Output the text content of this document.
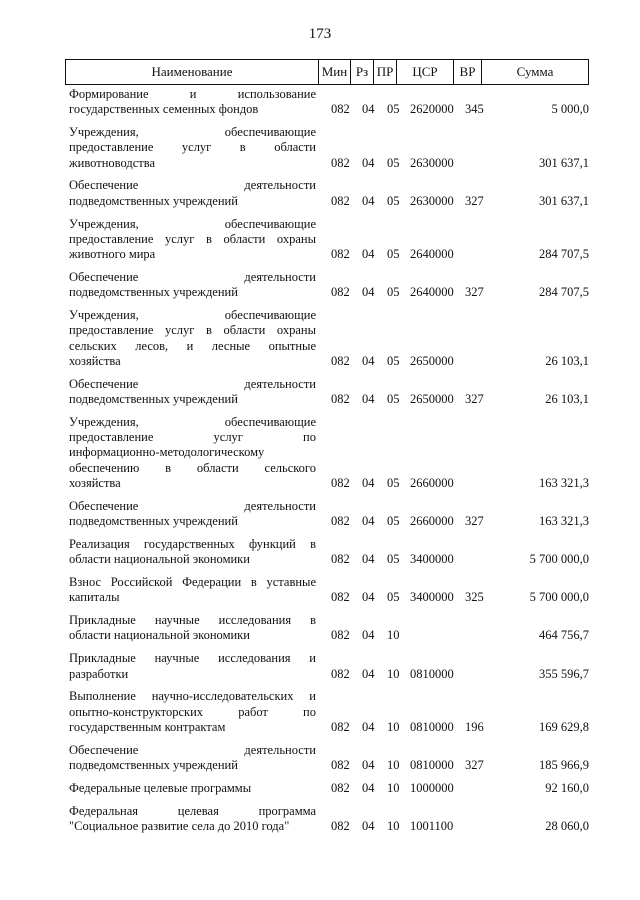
173
Наименование	Мин Рз ПР	ЦСР	ВР	Сумма
Формирование и использование
государственных семенных фондов	082 04 05 2620000 345	5 000,0
Учреждения, обеспечивающие
предоставление услуг в области
животноводства	082 04 05 2630000	301 637,1
Обеспечение деятельности
подведомственных учреждений	082 04 05 2630000 327	301 637,1
Учреждения, обеспечивающие
предоставление услуг в области охраны
животного мира	082 04 05 2640000	284 707,5
Обеспечение деятельности
подведомственных учреждений	082 04 05 2640000 327	284 707,5
Учреждения, обеспечивающие
предоставление услуг в области охраны
сельских лесов, и лесные опытные
хозяйства	082 04 05 2650000	26 103,1
Обеспечение деятельности
подведомственных учреждений	082 04 05 2650000 327	26 103,1
Учреждения, обеспечивающие
предоставление услуг по
информационно-методологическому
обеспечению в области сельского
хозяйства	082 04 05 2660000	163 321,3
Обеспечение деятельности
подведомственных учреждений	082 04 05 2660000 327	163 321,3
Реализация государственных функций в
области национальной экономики	082 04 05 3400000	5 700 000,0
Взнос Российской Федерации в уставные
капиталы	082 04 05 3400000 325	5 700 000,0
Прикладные научные исследования в
области национальной экономики	082 04 10	464 756,7
Прикладные научные исследования и
разработки	082 04 10 0810000	355 596,7
Выполнение научно-исследовательских и
опытно-конструкторских работ по
государственным контрактам	082 04 10 0810000 196	169 629,8
Обеспечение деятельности
подведомственных учреждений	082 04 10 0810000 327	185 966,9
Федеральные целевые программы	082 04 10 1000000	92 160,0
Федеральная целевая программа
"Социальное развитие села до 2010 года"	082 04 10 1001100	28 060,0
